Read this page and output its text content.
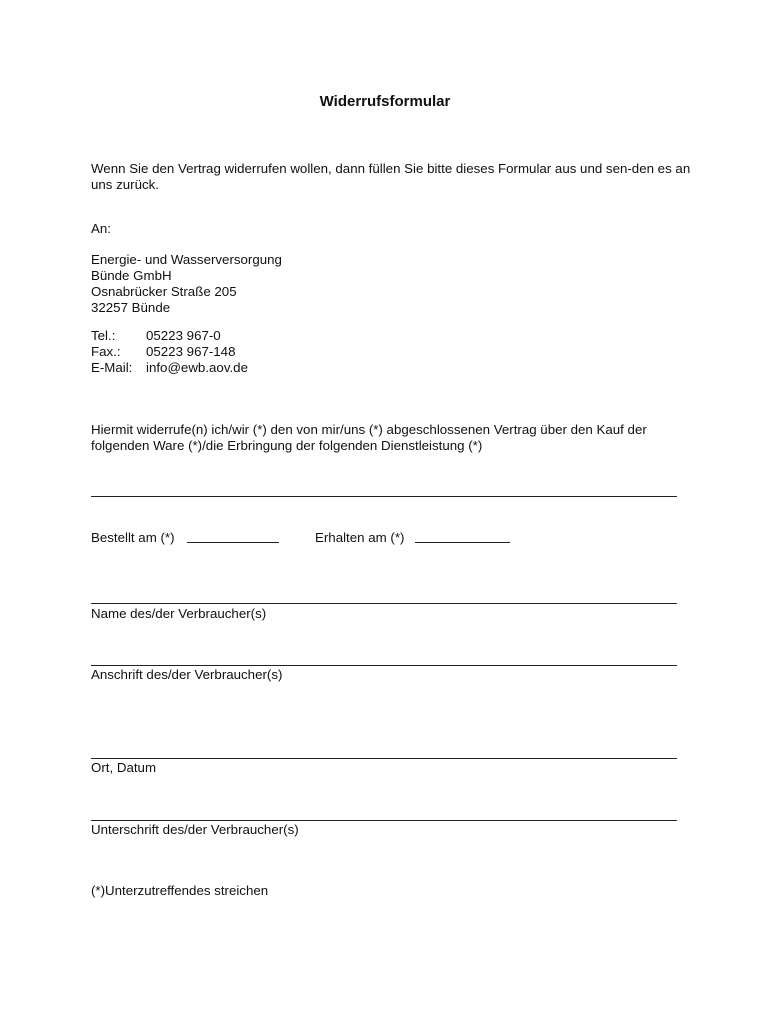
Widerrufsformular
Wenn Sie den Vertrag widerrufen wollen, dann füllen Sie bitte dieses Formular aus und sen-den es an uns zurück.
An:
Energie- und Wasserversorgung
Bünde GmbH
Osnabrücker Straße 205
32257 Bünde
Tel.:	05223 967-0
Fax.:	05223 967-148
E-Mail:	info@ewb.aov.de
Hiermit widerrufe(n) ich/wir (*) den von mir/uns (*) abgeschlossenen Vertrag über den Kauf der folgenden Ware (*)/die Erbringung der folgenden Dienstleistung (*)
Bestellt am (*)	Erhalten am (*)
Name des/der Verbraucher(s)
Anschrift des/der Verbraucher(s)
Ort, Datum
Unterschrift des/der Verbraucher(s)
(*)Unterzutreffendes streichen
